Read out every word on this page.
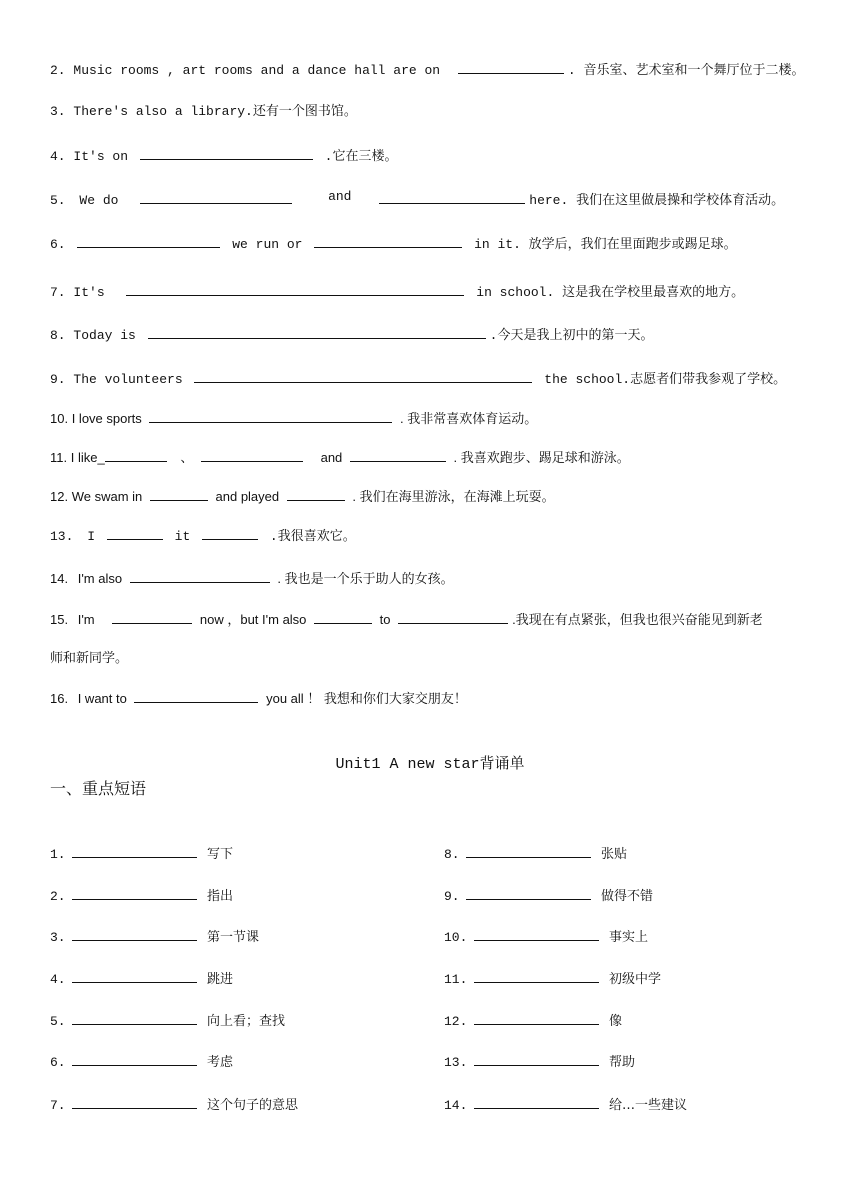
2. Music rooms , art rooms and a dance hall are on	. 音乐室、艺术室和一个舞厅位于二楼。
3. There's also a library.还有一个图书馆。
4. It's on	.它在三楼。
5. We do	and	here. 我们在这里做晨操和学校体育活动。
6.	we run or	in it. 放学后，我们在里面跑步或踢足球。
7. It's	in school. 这是我在学校里最喜欢的地方。
8. Today is	.今天是我上初中的第一天。
9. The volunteers	the school.志愿者们带我参观了学校。
10. I love sports	. 我非常喜欢体育运动。
11. I like_	、	and	. 我喜欢跑步、踢足球和游泳。
12. We swam in	and played	. 我们在海里游泳，在海滩上玩耍。
13. I	it	.我很喜欢它。
14. I'm also	. 我也是一个乐于助人的女孩。
15. I'm	now ，but I'm also	to	.我现在有点紧张，但我也很兴奋能见到新老
师和新同学。
16. I want to	you all ！ 我想和你们大家交朋友！
Unit1 A new star背诵单
一、重点短语
1.	写下
2.	指出
3.	第一节课
4.	跳进
5.	向上看；查找
6.	考虑
7.	这个句子的意思
8.	张贴
9.	做得不错
10.	事实上
11.	初级中学
12.	像
13.	帮助
14.	给…一些建议
